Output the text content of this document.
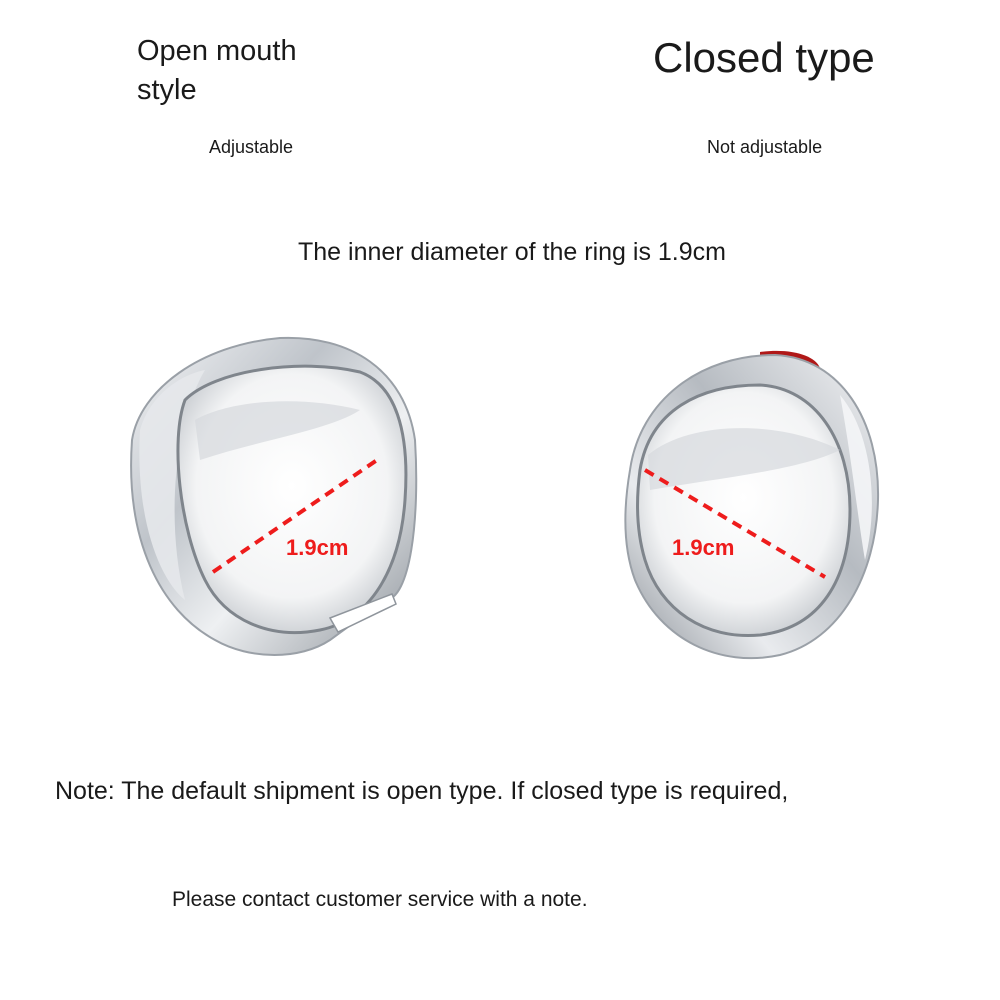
Open mouth style
Closed type
Adjustable	Not adjustable
The inner diameter of the ring is 1.9cm
1.9cm	1.9cm
Note: The default shipment is open type. If closed type is required,
Please contact customer service with a note.
